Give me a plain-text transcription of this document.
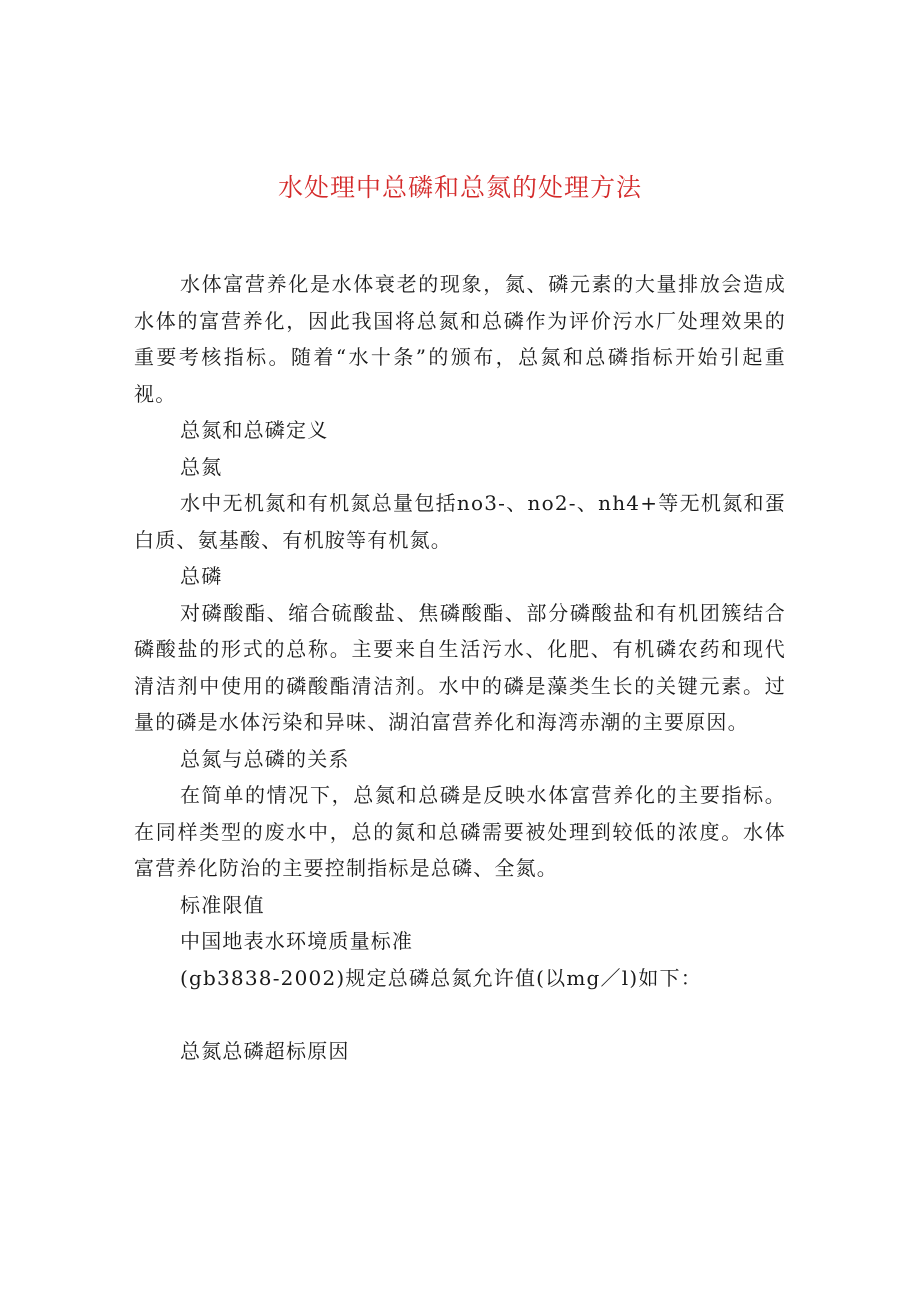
水处理中总磷和总氮的处理方法

水体富营养化是水体衰老的现象，氮、磷元素的大量排放会造成水体的富营养化，因此我国将总氮和总磷作为评价污水厂处理效果的重要考核指标。随着“水十条”的颁布，总氮和总磷指标开始引起重视。

总氮和总磷定义

总氮

水中无机氮和有机氮总量包括no3-、no2-、nh4+等无机氮和蛋白质、氨基酸、有机胺等有机氮。

总磷

对磷酸酯、缩合硫酸盐、焦磷酸酯、部分磷酸盐和有机团簇结合磷酸盐的形式的总称。主要来自生活污水、化肥、有机磷农药和现代清洁剂中使用的磷酸酯清洁剂。水中的磷是藻类生长的关键元素。过量的磷是水体污染和异味、湖泊富营养化和海湾赤潮的主要原因。

总氮与总磷的关系

在简单的情况下，总氮和总磷是反映水体富营养化的主要指标。在同样类型的废水中，总的氮和总磷需要被处理到较低的浓度。水体富营养化防治的主要控制指标是总磷、全氮。

标准限值

中国地表水环境质量标准

(gb3838-2002)规定总磷总氮允许值(以mg／l)如下：

总氮总磷超标原因
